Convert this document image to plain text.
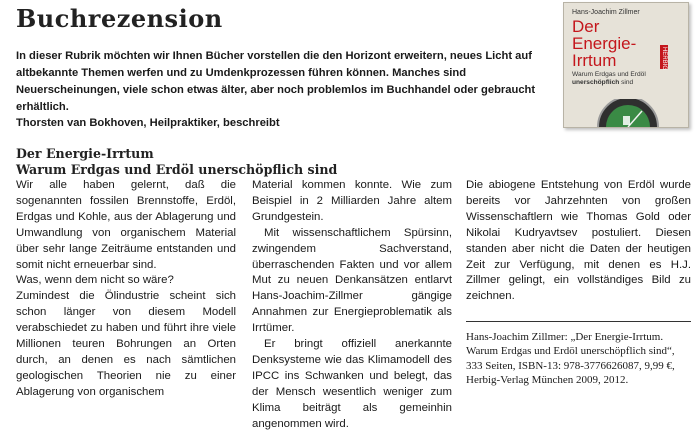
Buchrezension
In dieser Rubrik möchten wir Ihnen Bücher vorstellen die den Horizont erweitern, neues Licht auf altbekannte Themen werfen und zu Umdenkprozessen führen können. Manches sind Neuerscheinungen, viele schon etwas älter, aber noch problemlos im Buchhandel oder gebraucht erhältlich.
Thorsten van Bokhoven, Heilpraktiker, beschreibt
Hans-Joachim Zillmer
Der
Energie-
Irrtum
Warum Erdgas und Erdöl
unerschöpflich sind
HERBIG
Der Energie-Irrtum
Warum Erdgas und Erdöl unerschöpflich sind

Wir alle haben gelernt, daß die sogenannten fossilen Brennstoffe, Erdöl, Erdgas und Kohle, aus der Ablagerung und Umwandlung von organischem Material über sehr lange Zeiträume entstanden und somit nicht erneuerbar sind.

Was, wenn dem nicht so wäre?

Zumindest die Ölindustrie scheint sich schon länger von diesem Modell verabschiedet zu haben und führt ihre viele Millionen teuren Bohrungen an Orten durch, an denen es nach sämtlichen geologischen Theorien nie zu einer Ablagerung von organischem

Material kommen konnte. Wie zum Beispiel in 2 Milliarden Jahre altem Grundgestein.

Mit wissenschaftlichem Spürsinn, zwingendem Sachverstand, überraschenden Fakten und vor allem Mut zu neuen Denkansätzen entlarvt Hans-Joachim-Zillmer gängige Annahmen zur Energieproblematik als Irrtümer.

Er bringt offiziell anerkannte Denksysteme wie das Klimamodell des IPCC ins Schwanken und belegt, das der Mensch wesentlich weniger zum Klima beiträgt als gemeinhin angenommen wird.

Die abiogene Entstehung von Erdöl wurde bereits vor Jahrzehnten von großen Wissenschaftlern wie Thomas Gold oder Nikolai Kudryavtsev postuliert. Diesen standen aber nicht die Daten der heutigen Zeit zur Verfügung, mit denen es H.J. Zillmer gelingt, ein vollständiges Bild zu zeichnen.

Hans-Joachim Zillmer: „Der Energie-Irrtum. Warum Erdgas und Erdöl unerschöpflich sind“, 333 Seiten, ISBN-13: 978-3776626087, 9,99 €, Herbig-Verlag München 2009, 2012.
